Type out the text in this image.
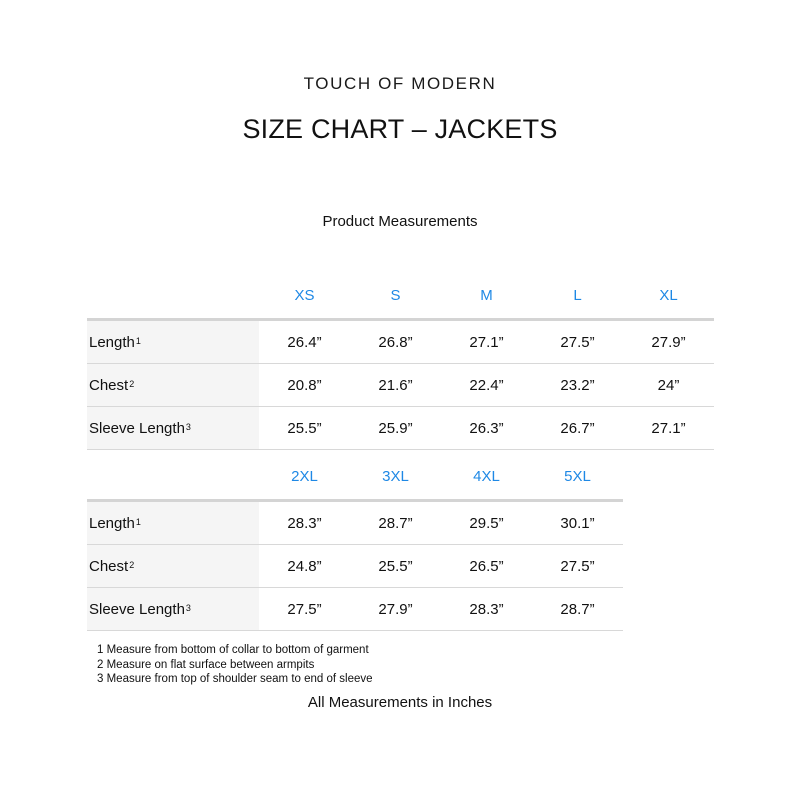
TOUCH OF MODERN
SIZE CHART – JACKETS
Product Measurements
XS	S	M	L	XL
Length$^1$	26.4”	26.8”	27.1”	27.5”	27.9”
Chest$^2$	20.8”	21.6”	22.4”	23.2”	24”
Sleeve Length$^3$	25.5”	25.9”	26.3”	26.7”	27.1”
2XL	3XL	4XL	5XL
Length$^1$	28.3”	28.7”	29.5”	30.1”
Chest$^2$	24.8”	25.5”	26.5”	27.5”
Sleeve Length$^3$	27.5”	27.9”	28.3”	28.7”
1 Measure from bottom of collar to bottom of garment
2 Measure on flat surface between armpits
3 Measure from top of shoulder seam to end of sleeve
All Measurements in Inches
